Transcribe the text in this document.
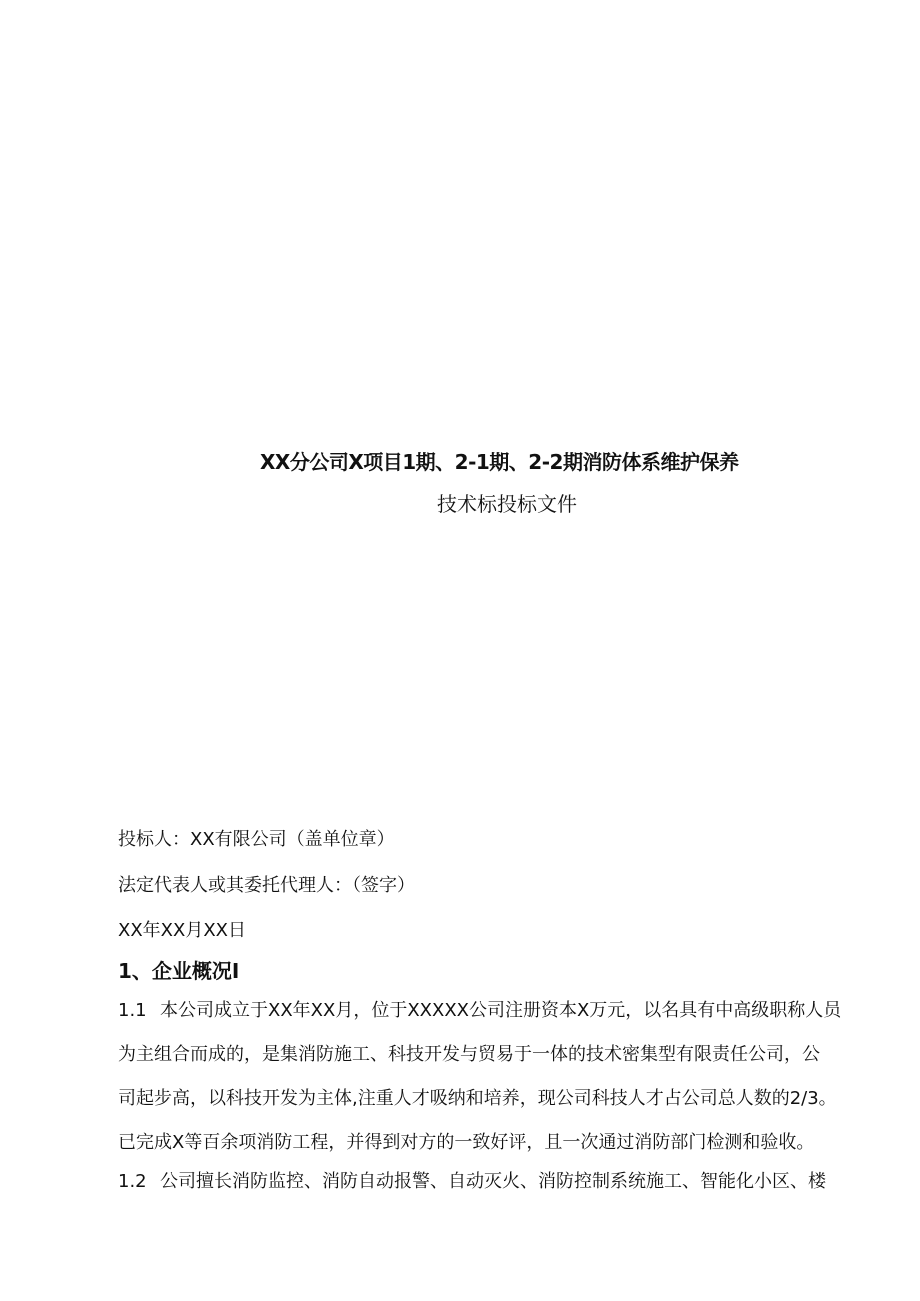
XX分公司X项目1期、2-1期、2-2期消防体系维护保养
技术标投标文件
投标人：XX有限公司（盖单位章）
法定代表人或其委托代理人：（签字）
XX年XX月XX日
1、企业概况I
1.1 本公司成立于XX年XX月，位于XXXXX公司注册资本X万元，以名具有中高级职称人员
为主组合而成的，是集消防施工、科技开发与贸易于一体的技术密集型有限责任公司，公
司起步高，以科技开发为主体,注重人才吸纳和培养，现公司科技人才占公司总人数的2/3。
已完成X等百余项消防工程，并得到对方的一致好评，且一次通过消防部门检测和验收。
1.2 公司擅长消防监控、消防自动报警、自动灭火、消防控制系统施工、智能化小区、楼
